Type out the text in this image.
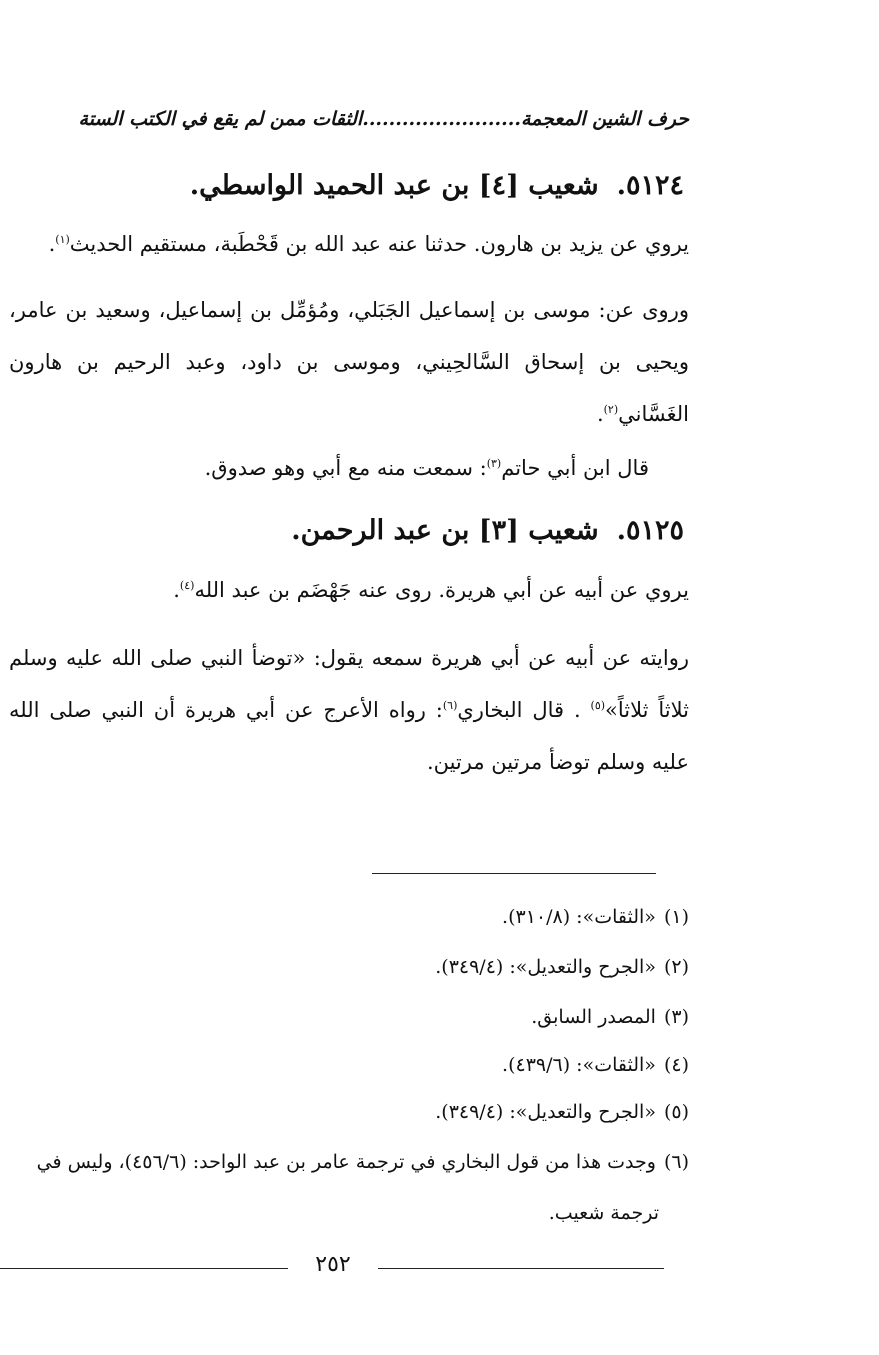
حرف الشين المعجمة........................الثقات ممن لم يقع في الكتب الستة
٥١٢٤.شعيب [٤] بن عبد الحميد الواسطي.
يروي عن يزيد بن هارون. حدثنا عنه عبد الله بن قَحْطَبة، مستقيم الحديث$^{(١)}$.
وروى عن: موسى بن إسماعيل الجَبَلي، ومُؤمِّل بن إسماعيل، وسعيد بن عامر، ويحيى بن إسحاق السَّالحِيني، وموسى بن داود، وعبد الرحيم بن هارون الغَسَّاني$^{(٢)}$.
قال ابن أبي حاتم$^{(٣)}$: سمعت منه مع أبي وهو صدوق.
٥١٢٥.شعيب [٣] بن عبد الرحمن.
يروي عن أبيه عن أبي هريرة. روى عنه جَهْضَم بن عبد الله$^{(٤)}$.
روايته عن أبيه عن أبي هريرة سمعه يقول: «توضأ النبي صلى الله عليه وسلم ثلاثاً ثلاثاً»$^{(٥)}$ . قال البخاري$^{(٦)}$: رواه الأعرج عن أبي هريرة أن النبي صلى الله عليه وسلم توضأ مرتين مرتين.
(١)«الثقات»: (٣١٠/٨).
(٢)«الجرح والتعديل»: (٣٤٩/٤).
(٣)المصدر السابق.
(٤)«الثقات»: (٤٣٩/٦).
(٥)«الجرح والتعديل»: (٣٤٩/٤).
(٦)وجدت هذا من قول البخاري في ترجمة عامر بن عبد الواحد: (٤٥٦/٦)، وليس في
ترجمة شعيب.
٢٥٢
